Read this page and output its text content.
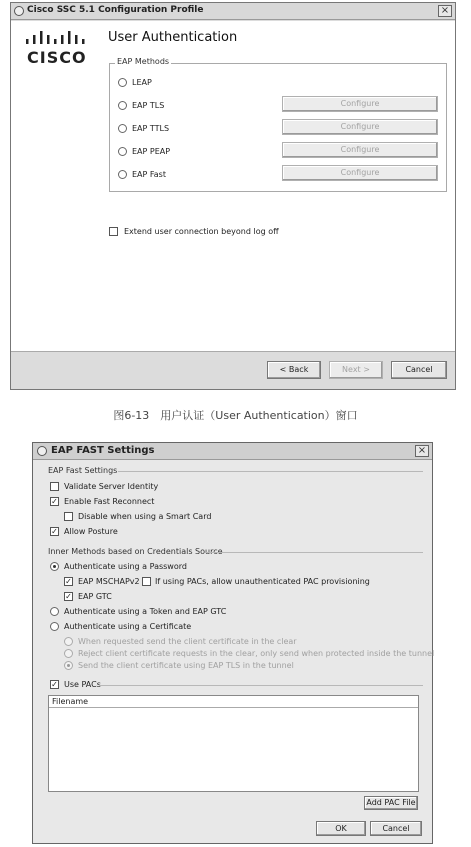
Cisco SSC 5.1 Configuration Profile	×
CISCO
User Authentication
EAP Methods
LEAP
EAP TLS	Configure
EAP TTLS	Configure
EAP PEAP	Configure
EAP Fast	Configure
Extend user connection beyond log off
< Back	Next >	Cancel
图6-13　用户认证（User Authentication）窗口
EAP FAST Settings	×
EAP Fast Settings
Validate Server Identity
✓ Enable Fast Reconnect
Disable when using a Smart Card
✓ Allow Posture
Inner Methods based on Credentials Source
Authenticate using a Password
✓ EAP MSCHAPv2 If using PACs, allow unauthenticated PAC provisioning
✓ EAP GTC
Authenticate using a Token and EAP GTC
Authenticate using a Certificate
When requested send the client certificate in the clear
Reject client certificate requests in the clear, only send when protected inside the tunnel
Send the client certificate using EAP TLS in the tunnel
✓ Use PACs
Filename
Add PAC File
OK	Cancel
